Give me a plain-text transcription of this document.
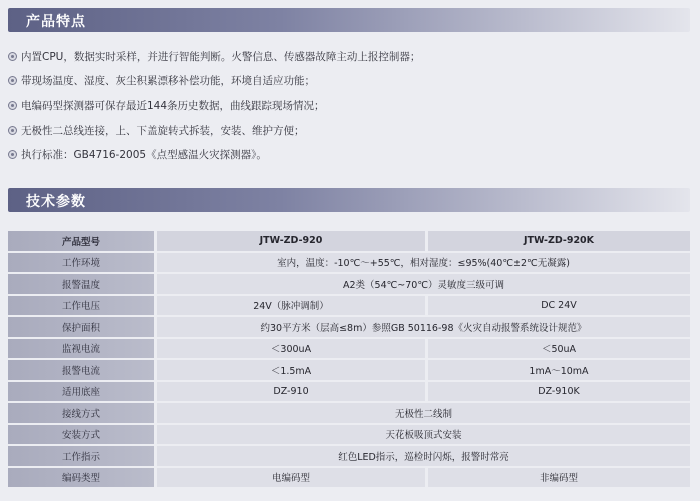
产品特点
内置CPU，数据实时采样，并进行智能判断。火警信息、传感器故障主动上报控制器；
带现场温度、湿度、灰尘积累漂移补偿功能，环境自适应功能；
电编码型探测器可保存最近144条历史数据，曲线跟踪现场情况；
无极性二总线连接，上、下盖旋转式拆装，安装、维护方便；
执行标准：GB4716-2005《点型感温火灾探测器》。
技术参数
产品型号	JTW-ZD-920	JTW-ZD-920K
工作环境	室内，温度：-10℃～+55℃，相对湿度：≤95%(40℃±2℃无凝露)	
报警温度	A2类（54℃~70℃）灵敏度三级可调	
工作电压	24V（脉冲调制）	DC 24V
保护面积	约30平方米（层高≤8m）参照GB 50116-98《火灾自动报警系统设计规范》	
监视电流	＜300uA	＜50uA
报警电流	＜1.5mA	1mA～10mA
适用底座	DZ-910	DZ-910K
接线方式	无极性二线制	
安装方式	天花板吸顶式安装	
工作指示	红色LED指示，巡检时闪烁，报警时常亮	
编码类型	电编码型	非编码型
